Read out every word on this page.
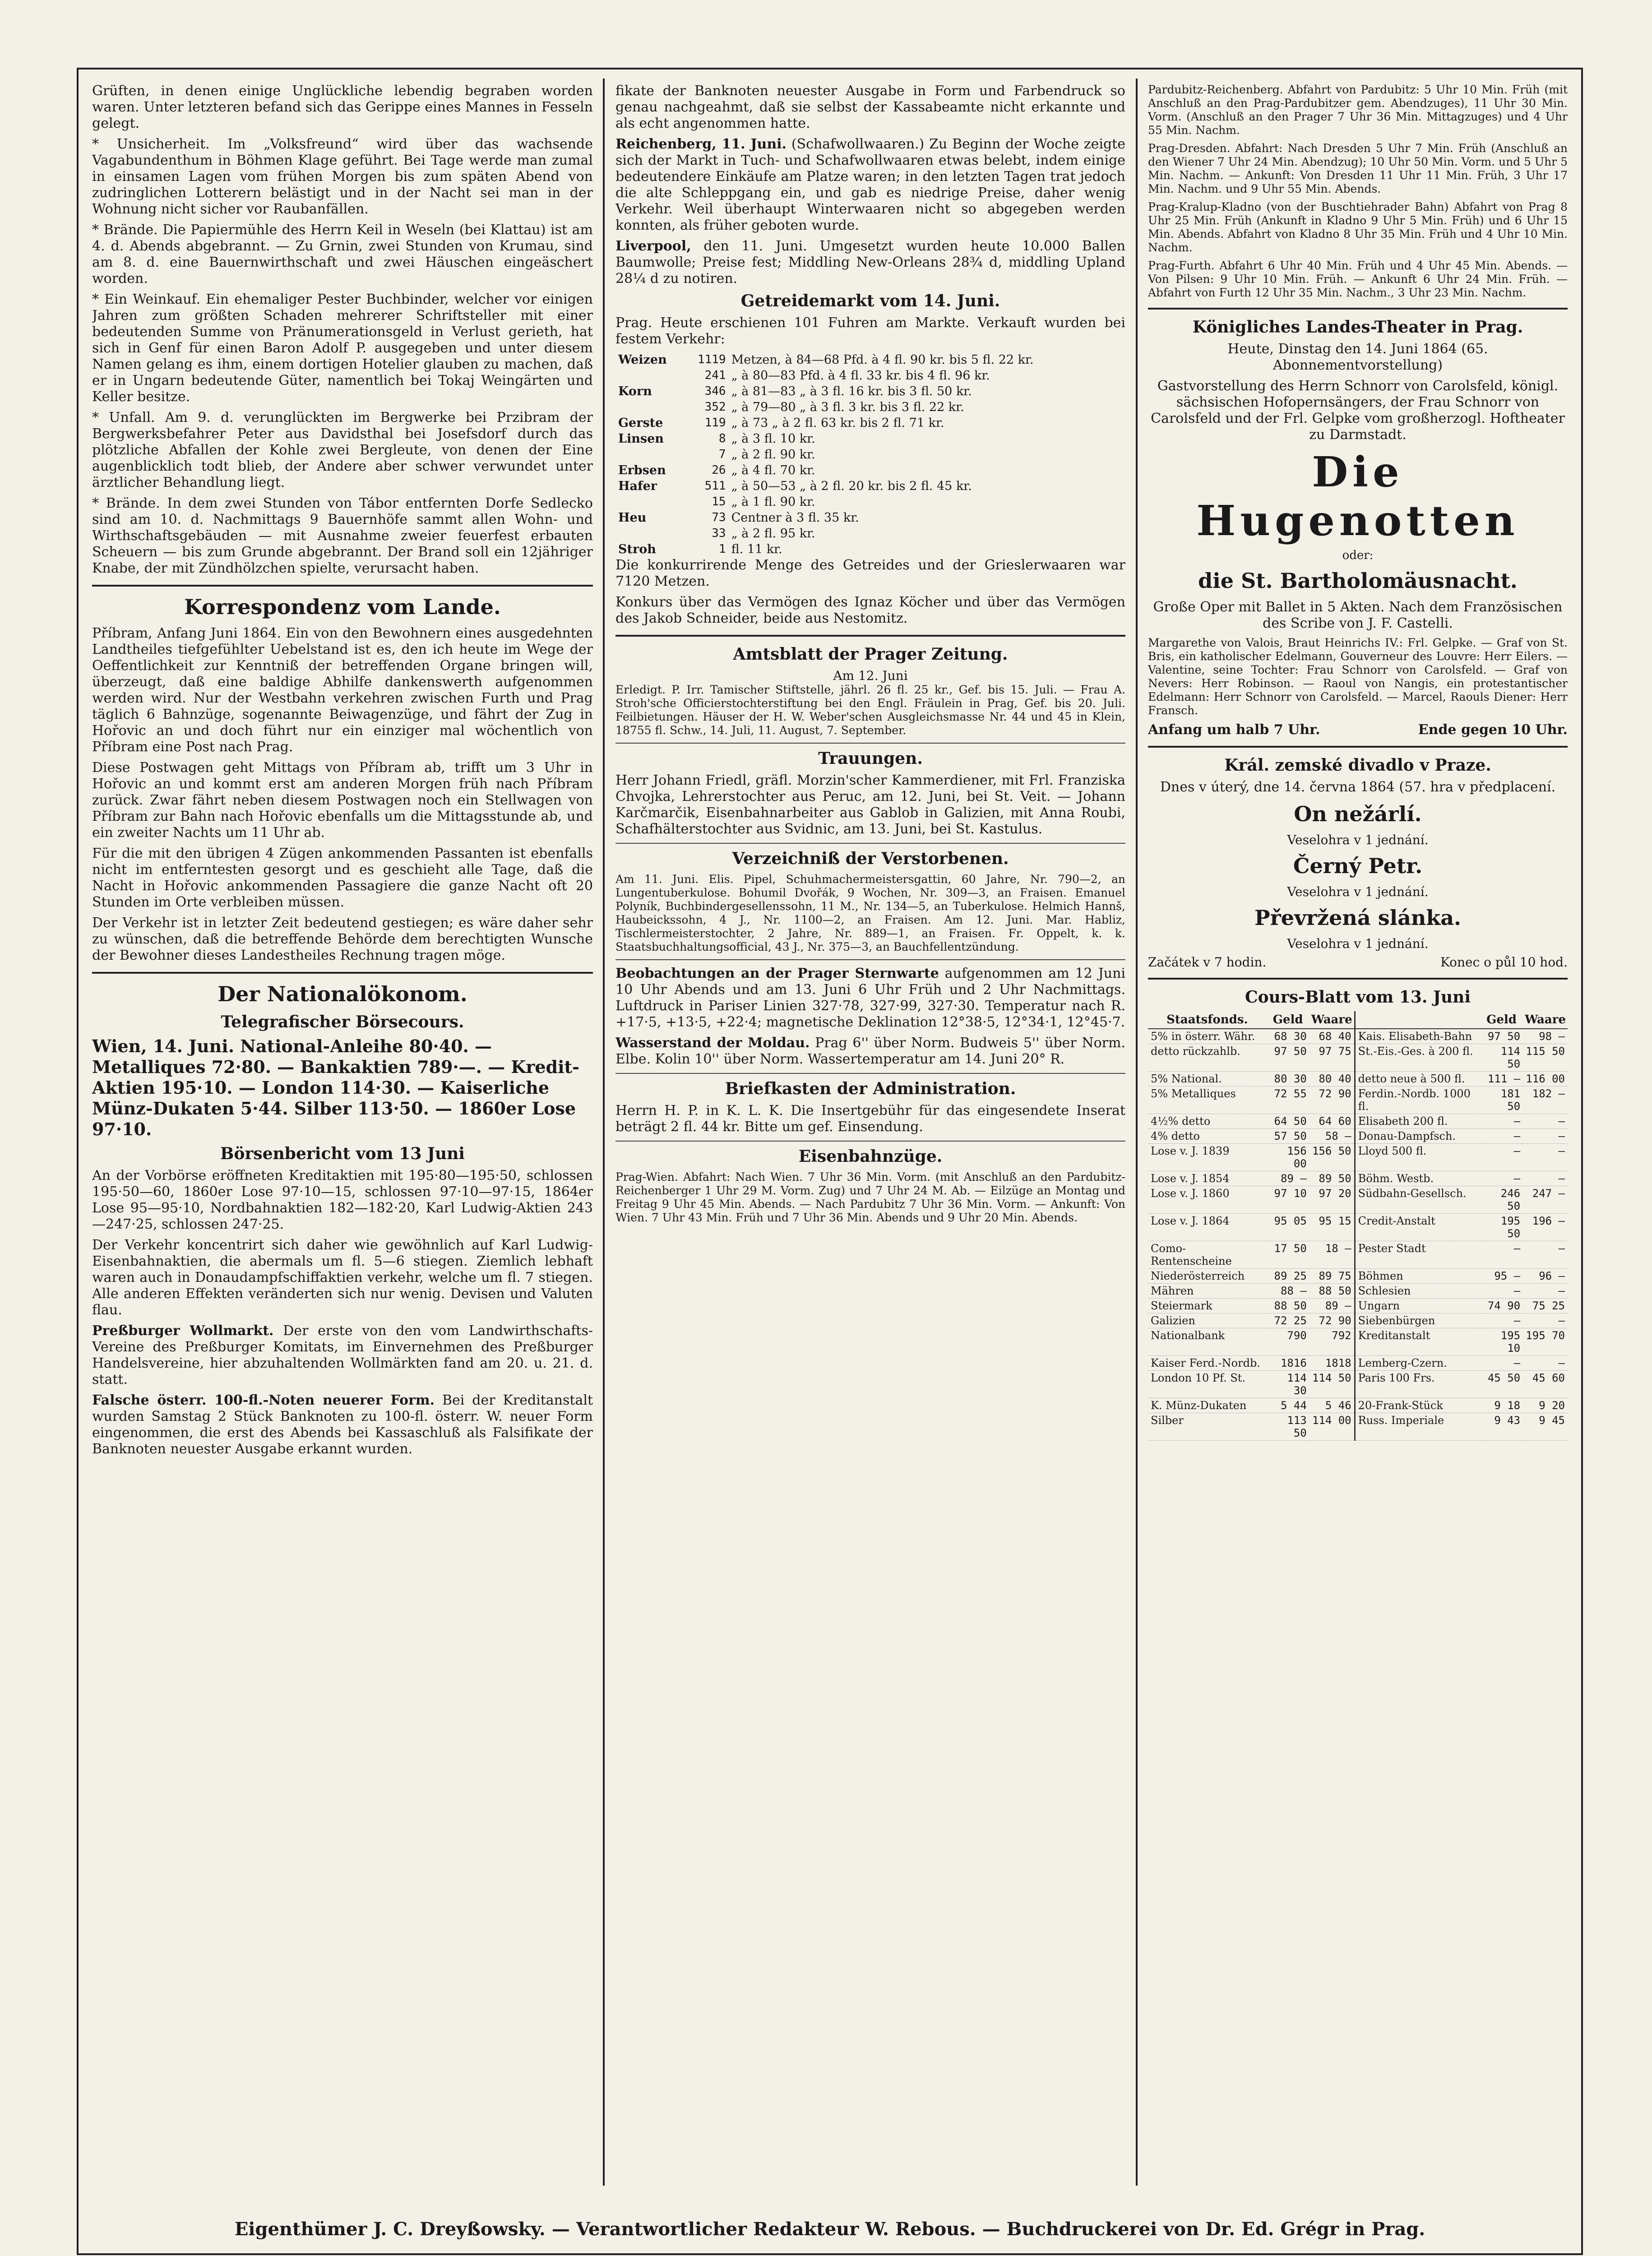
Grüften, in denen einige Unglückliche lebendig begraben worden waren. Unter letzteren befand sich das Gerippe eines Mannes in Fesseln gelegt.

* Unsicherheit. Im „Volksfreund“ wird über das wachsende Vagabundenthum in Böhmen Klage geführt. Bei Tage werde man zumal in einsamen Lagen vom frühen Morgen bis zum späten Abend von zudringlichen Lotterern belästigt und in der Nacht sei man in der Wohnung nicht sicher vor Raubanfällen.

* Brände. Die Papiermühle des Herrn Keil in Weseln (bei Klattau) ist am 4. d. Abends abgebrannt. — Zu Grnin, zwei Stunden von Krumau, sind am 8. d. eine Bauernwirthschaft und zwei Häuschen eingeäschert worden.

* Ein Weinkauf. Ein ehemaliger Pester Buchbinder, welcher vor einigen Jahren zum größten Schaden mehrerer Schriftsteller mit einer bedeutenden Summe von Pränumerationsgeld in Verlust gerieth, hat sich in Genf für einen Baron Adolf P. ausgegeben und unter diesem Namen gelang es ihm, einem dortigen Hotelier glauben zu machen, daß er in Ungarn bedeutende Güter, namentlich bei Tokaj Weingärten und Keller besitze.

* Unfall. Am 9. d. verunglückten im Bergwerke bei Przibram der Bergwerksbefahrer Peter aus Davidsthal bei Josefsdorf durch das plötzliche Abfallen der Kohle zwei Bergleute, von denen der Eine augenblicklich todt blieb, der Andere aber schwer verwundet unter ärztlicher Behandlung liegt.

* Brände. In dem zwei Stunden von Tábor entfernten Dorfe Sedlecko sind am 10. d. Nachmittags 9 Bauernhöfe sammt allen Wohn- und Wirthschaftsgebäuden — mit Ausnahme zweier feuerfest erbauten Scheuern — bis zum Grunde abgebrannt. Der Brand soll ein 12jähriger Knabe, der mit Zündhölzchen spielte, verursacht haben.

Korrespondenz vom Lande.

Příbram, Anfang Juni 1864. Ein von den Bewohnern eines ausgedehnten Landtheiles tiefgefühlter Uebelstand ist es, den ich heute im Wege der Oeffentlichkeit zur Kenntniß der betreffenden Organe bringen will, überzeugt, daß eine baldige Abhilfe dankenswerth aufgenommen werden wird. Nur der Westbahn verkehren zwischen Furth und Prag täglich 6 Bahnzüge, sogenannte Beiwagenzüge, und fährt der Zug in Hořovic an und doch führt nur ein einziger mal wöchentlich von Příbram eine Post nach Prag.

Diese Postwagen geht Mittags von Příbram ab, trifft um 3 Uhr in Hořovic an und kommt erst am anderen Morgen früh nach Příbram zurück. Zwar fährt neben diesem Postwagen noch ein Stellwagen von Příbram zur Bahn nach Hořovic ebenfalls um die Mittagsstunde ab, und ein zweiter Nachts um 11 Uhr ab.

Für die mit den übrigen 4 Zügen ankommenden Passanten ist ebenfalls nicht im entferntesten gesorgt und es geschieht alle Tage, daß die Nacht in Hořovic ankommenden Passagiere die ganze Nacht oft 20 Stunden im Orte verbleiben müssen.

Der Verkehr ist in letzter Zeit bedeutend gestiegen; es wäre daher sehr zu wünschen, daß die betreffende Behörde dem berechtigten Wunsche der Bewohner dieses Landestheiles Rechnung tragen möge.

Der Nationalökonom.
Telegrafischer Börsecours.
Wien, 14. Juni. National-Anleihe 80·40. — Metalliques 72·80. — Bankaktien 789·—. — Kredit-Aktien 195·10. — London 114·30. — Kaiserliche Münz-Dukaten 5·44. Silber 113·50. — 1860er Lose 97·10.
Börsenbericht vom 13 Juni

An der Vorbörse eröffneten Kreditaktien mit 195·80—195·50, schlossen 195·50—60, 1860er Lose 97·10—15, schlossen 97·10—97·15, 1864er Lose 95—95·10, Nordbahnaktien 182—182·20, Karl Ludwig-Aktien 243—247·25, schlossen 247·25.

Der Verkehr koncentrirt sich daher wie gewöhnlich auf Karl Ludwig-Eisenbahnaktien, die abermals um fl. 5—6 stiegen. Ziemlich lebhaft waren auch in Donaudampfschiffaktien verkehr, welche um fl. 7 stiegen. Alle anderen Effekten veränderten sich nur wenig. Devisen und Valuten flau.

Preßburger Wollmarkt. Der erste von den vom Landwirthschafts-Vereine des Preßburger Komitats, im Einvernehmen des Preßburger Handelsvereine, hier abzuhaltenden Wollmärkten fand am 20. u. 21. d. statt.

Falsche österr. 100-fl.-Noten neuerer Form. Bei der Kreditanstalt wurden Samstag 2 Stück Banknoten zu 100-fl. österr. W. neuer Form eingenommen, die erst des Abends bei Kassaschluß als Falsifikate der Banknoten neuester Ausgabe erkannt wurden.

fikate der Banknoten neuester Ausgabe in Form und Farbendruck so genau nachgeahmt, daß sie selbst der Kassabeamte nicht erkannte und als echt angenommen hatte.

Reichenberg, 11. Juni. (Schafwollwaaren.) Zu Beginn der Woche zeigte sich der Markt in Tuch- und Schafwollwaaren etwas belebt, indem einige bedeutendere Einkäufe am Platze waren; in den letzten Tagen trat jedoch die alte Schleppgang ein, und gab es niedrige Preise, daher wenig Verkehr. Weil überhaupt Winterwaaren nicht so abgegeben werden konnten, als früher geboten wurde.

Liverpool, den 11. Juni. Umgesetzt wurden heute 10.000 Ballen Baumwolle; Preise fest; Middling New-Orleans 28¾ d, middling Upland 28¼ d zu notiren.

Getreidemarkt vom 14. Juni.

Prag. Heute erschienen 101 Fuhren am Markte. Verkauft wurden bei festem Verkehr:

Weizen	1119	Metzen, à 84—68 Pfd. à 4 fl. 90 kr. bis 5 fl. 22 kr.
	241	„ à 80—83 Pfd. à 4 fl. 33 kr. bis 4 fl. 96 kr.
Korn	346	„ à 81—83 „ à 3 fl. 16 kr. bis 3 fl. 50 kr.
	352	„ à 79—80 „ à 3 fl. 3 kr. bis 3 fl. 22 kr.
Gerste	119	„ à 73 „ à 2 fl. 63 kr. bis 2 fl. 71 kr.
Linsen	8	„ à 3 fl. 10 kr.
	7	„ à 2 fl. 90 kr.
Erbsen	26	„ à 4 fl. 70 kr.
Hafer	511	„ à 50—53 „ à 2 fl. 20 kr. bis 2 fl. 45 kr.
	15	„ à 1 fl. 90 kr.
Heu	73	Centner à 3 fl. 35 kr.
	33	„ à 2 fl. 95 kr.
Stroh	1	fl. 11 kr.

Die konkurrirende Menge des Getreides und der Grieslerwaaren war 7120 Metzen.

Konkurs über das Vermögen des Ignaz Köcher und über das Vermögen des Jakob Schneider, beide aus Nestomitz.

Amtsblatt der Prager Zeitung.
Am 12. Juni

Erledigt. P. Irr. Tamischer Stiftstelle, jährl. 26 fl. 25 kr., Gef. bis 15. Juli. — Frau A. Stroh'sche Officierstochterstiftung bei den Engl. Fräulein in Prag, Gef. bis 20. Juli. Feilbietungen. Häuser der H. W. Weber'schen Ausgleichsmasse Nr. 44 und 45 in Klein, 18755 fl. Schw., 14. Juli, 11. August, 7. September.

Trauungen.

Herr Johann Friedl, gräfl. Morzin'scher Kammerdiener, mit Frl. Franziska Chvojka, Lehrerstochter aus Peruc, am 12. Juni, bei St. Veit. — Johann Karčmarčik, Eisenbahnarbeiter aus Gablob in Galizien, mit Anna Roubi, Schafhälterstochter aus Svidnic, am 13. Juni, bei St. Kastulus.

Verzeichniß der Verstorbenen.

Am 11. Juni. Elis. Pipel, Schuhmachermeistersgattin, 60 Jahre, Nr. 790—2, an Lungentuberkulose. Bohumil Dvořák, 9 Wochen, Nr. 309—3, an Fraisen. Emanuel Polyník, Buchbindergesellenssohn, 11 M., Nr. 134—5, an Tuberkulose. Helmich Hannš, Haubeickssohn, 4 J., Nr. 1100—2, an Fraisen. Am 12. Juni. Mar. Habliz, Tischlermeisterstochter, 2 Jahre, Nr. 889—1, an Fraisen. Fr. Oppelt, k. k. Staatsbuchhaltungsofficial, 43 J., Nr. 375—3, an Bauchfellentzündung.

Beobachtungen an der Prager Sternwarte aufgenommen am 12 Juni 10 Uhr Abends und am 13. Juni 6 Uhr Früh und 2 Uhr Nachmittags. Luftdruck in Pariser Linien 327·78, 327·99, 327·30. Temperatur nach R. +17·5, +13·5, +22·4; magnetische Deklination 12°38·5, 12°34·1, 12°45·7.

Wasserstand der Moldau. Prag 6'' über Norm. Budweis 5'' über Norm. Elbe. Kolin 10'' über Norm. Wassertemperatur am 14. Juni 20° R.

Briefkasten der Administration.

Herrn H. P. in K. L. K. Die Insertgebühr für das eingesendete Inserat beträgt 2 fl. 44 kr. Bitte um gef. Einsendung.

Eisenbahnzüge.

Prag-Wien. Abfahrt: Nach Wien. 7 Uhr 36 Min. Vorm. (mit Anschluß an den Pardubitz-Reichenberger 1 Uhr 29 M. Vorm. Zug) und 7 Uhr 24 M. Ab. — Eilzüge an Montag und Freitag 9 Uhr 45 Min. Abends. — Nach Pardubitz 7 Uhr 36 Min. Vorm. — Ankunft: Von Wien. 7 Uhr 43 Min. Früh und 7 Uhr 36 Min. Abends und 9 Uhr 20 Min. Abends.

Pardubitz-Reichenberg. Abfahrt von Pardubitz: 5 Uhr 10 Min. Früh (mit Anschluß an den Prag-Pardubitzer gem. Abendzuges), 11 Uhr 30 Min. Vorm. (Anschluß an den Prager 7 Uhr 36 Min. Mittagzuges) und 4 Uhr 55 Min. Nachm.

Prag-Dresden. Abfahrt: Nach Dresden 5 Uhr 7 Min. Früh (Anschluß an den Wiener 7 Uhr 24 Min. Abendzug); 10 Uhr 50 Min. Vorm. und 5 Uhr 5 Min. Nachm. — Ankunft: Von Dresden 11 Uhr 11 Min. Früh, 3 Uhr 17 Min. Nachm. und 9 Uhr 55 Min. Abends.

Prag-Kralup-Kladno (von der Buschtiehrader Bahn) Abfahrt von Prag 8 Uhr 25 Min. Früh (Ankunft in Kladno 9 Uhr 5 Min. Früh) und 6 Uhr 15 Min. Abends. Abfahrt von Kladno 8 Uhr 35 Min. Früh und 4 Uhr 10 Min. Nachm.

Prag-Furth. Abfahrt 6 Uhr 40 Min. Früh und 4 Uhr 45 Min. Abends. — Von Pilsen: 9 Uhr 10 Min. Früh. — Ankunft 6 Uhr 24 Min. Früh. — Abfahrt von Furth 12 Uhr 35 Min. Nachm., 3 Uhr 23 Min. Nachm.

Königliches Landes-Theater in Prag.

Heute, Dinstag den 14. Juni 1864 (65. Abonnementvorstellung)

Gastvorstellung des Herrn Schnorr von Carolsfeld, königl. sächsischen Hofopernsängers, der Frau Schnorr von Carolsfeld und der Frl. Gelpke vom großherzogl. Hoftheater zu Darmstadt.

Die Hugenotten
oder:
die St. Bartholomäusnacht.

Große Oper mit Ballet in 5 Akten. Nach dem Französischen des Scribe von J. F. Castelli.

Margarethe von Valois, Braut Heinrichs IV.: Frl. Gelpke. — Graf von St. Bris, ein katholischer Edelmann, Gouverneur des Louvre: Herr Eilers. — Valentine, seine Tochter: Frau Schnorr von Carolsfeld. — Graf von Nevers: Herr Robinson. — Raoul von Nangis, ein protestantischer Edelmann: Herr Schnorr von Carolsfeld. — Marcel, Raouls Diener: Herr Fransch.

Anfang um halb 7 Uhr.	Ende gegen 10 Uhr.
Král. zemské divadlo v Praze.

Dnes v úterý, dne 14. června 1864 (57. hra v předplacení.

On nežárlí.
Veselohra v 1 jednání.
Černý Petr.
Veselohra v 1 jednání.
Převržená slánka.
Veselohra v 1 jednání.
Začátek v 7 hodin.	Konec o půl 10 hod.
Cours-Blatt vom 13. Juni
Staatsfonds.	Geld	Waare		Geld	Waare
5% in österr. Währ.	68 30	68 40	Kais. Elisabeth-Bahn	97 50	98 —
detto rückzahlb.	97 50	97 75	St.-Eis.-Ges. à 200 fl.	114 50	115 50
5% National.	80 30	80 40	detto neue à 500 fl.	111 —	116 00
5% Metalliques	72 55	72 90	Ferdin.-Nordb. 1000 fl.	181 50	182 —
4½% detto	64 50	64 60	Elisabeth 200 fl.	—	—
4% detto	57 50	58 —	Donau-Dampfsch.	—	—
Lose v. J. 1839	156 00	156 50	Lloyd 500 fl.	—	—
Lose v. J. 1854	89 —	89 50	Böhm. Westb.	—	—
Lose v. J. 1860	97 10	97 20	Südbahn-Gesellsch.	246 50	247 —
Lose v. J. 1864	95 05	95 15	Credit-Anstalt	195 50	196 —
Como-Rentenscheine	17 50	18 —	Pester Stadt	—	—
Niederösterreich	89 25	89 75	Böhmen	95 —	96 —
Mähren	88 —	88 50	Schlesien	—	—
Steiermark	88 50	89 —	Ungarn	74 90	75 25
Galizien	72 25	72 90	Siebenbürgen	—	—
Nationalbank	790	792	Kreditanstalt	195 10	195 70
Kaiser Ferd.-Nordb.	1816	1818	Lemberg-Czern.	—	—
London 10 Pf. St.	114 30	114 50	Paris 100 Frs.	45 50	45 60
K. Münz-Dukaten	5 44	5 46	20-Frank-Stück	9 18	9 20
Silber	113 50	114 00	Russ. Imperiale	9 43	9 45
Eigenthümer J. C. Dreyßowsky. — Verantwortlicher Redakteur W. Rebous. — Buchdruckerei von Dr. Ed. Grégr in Prag.
